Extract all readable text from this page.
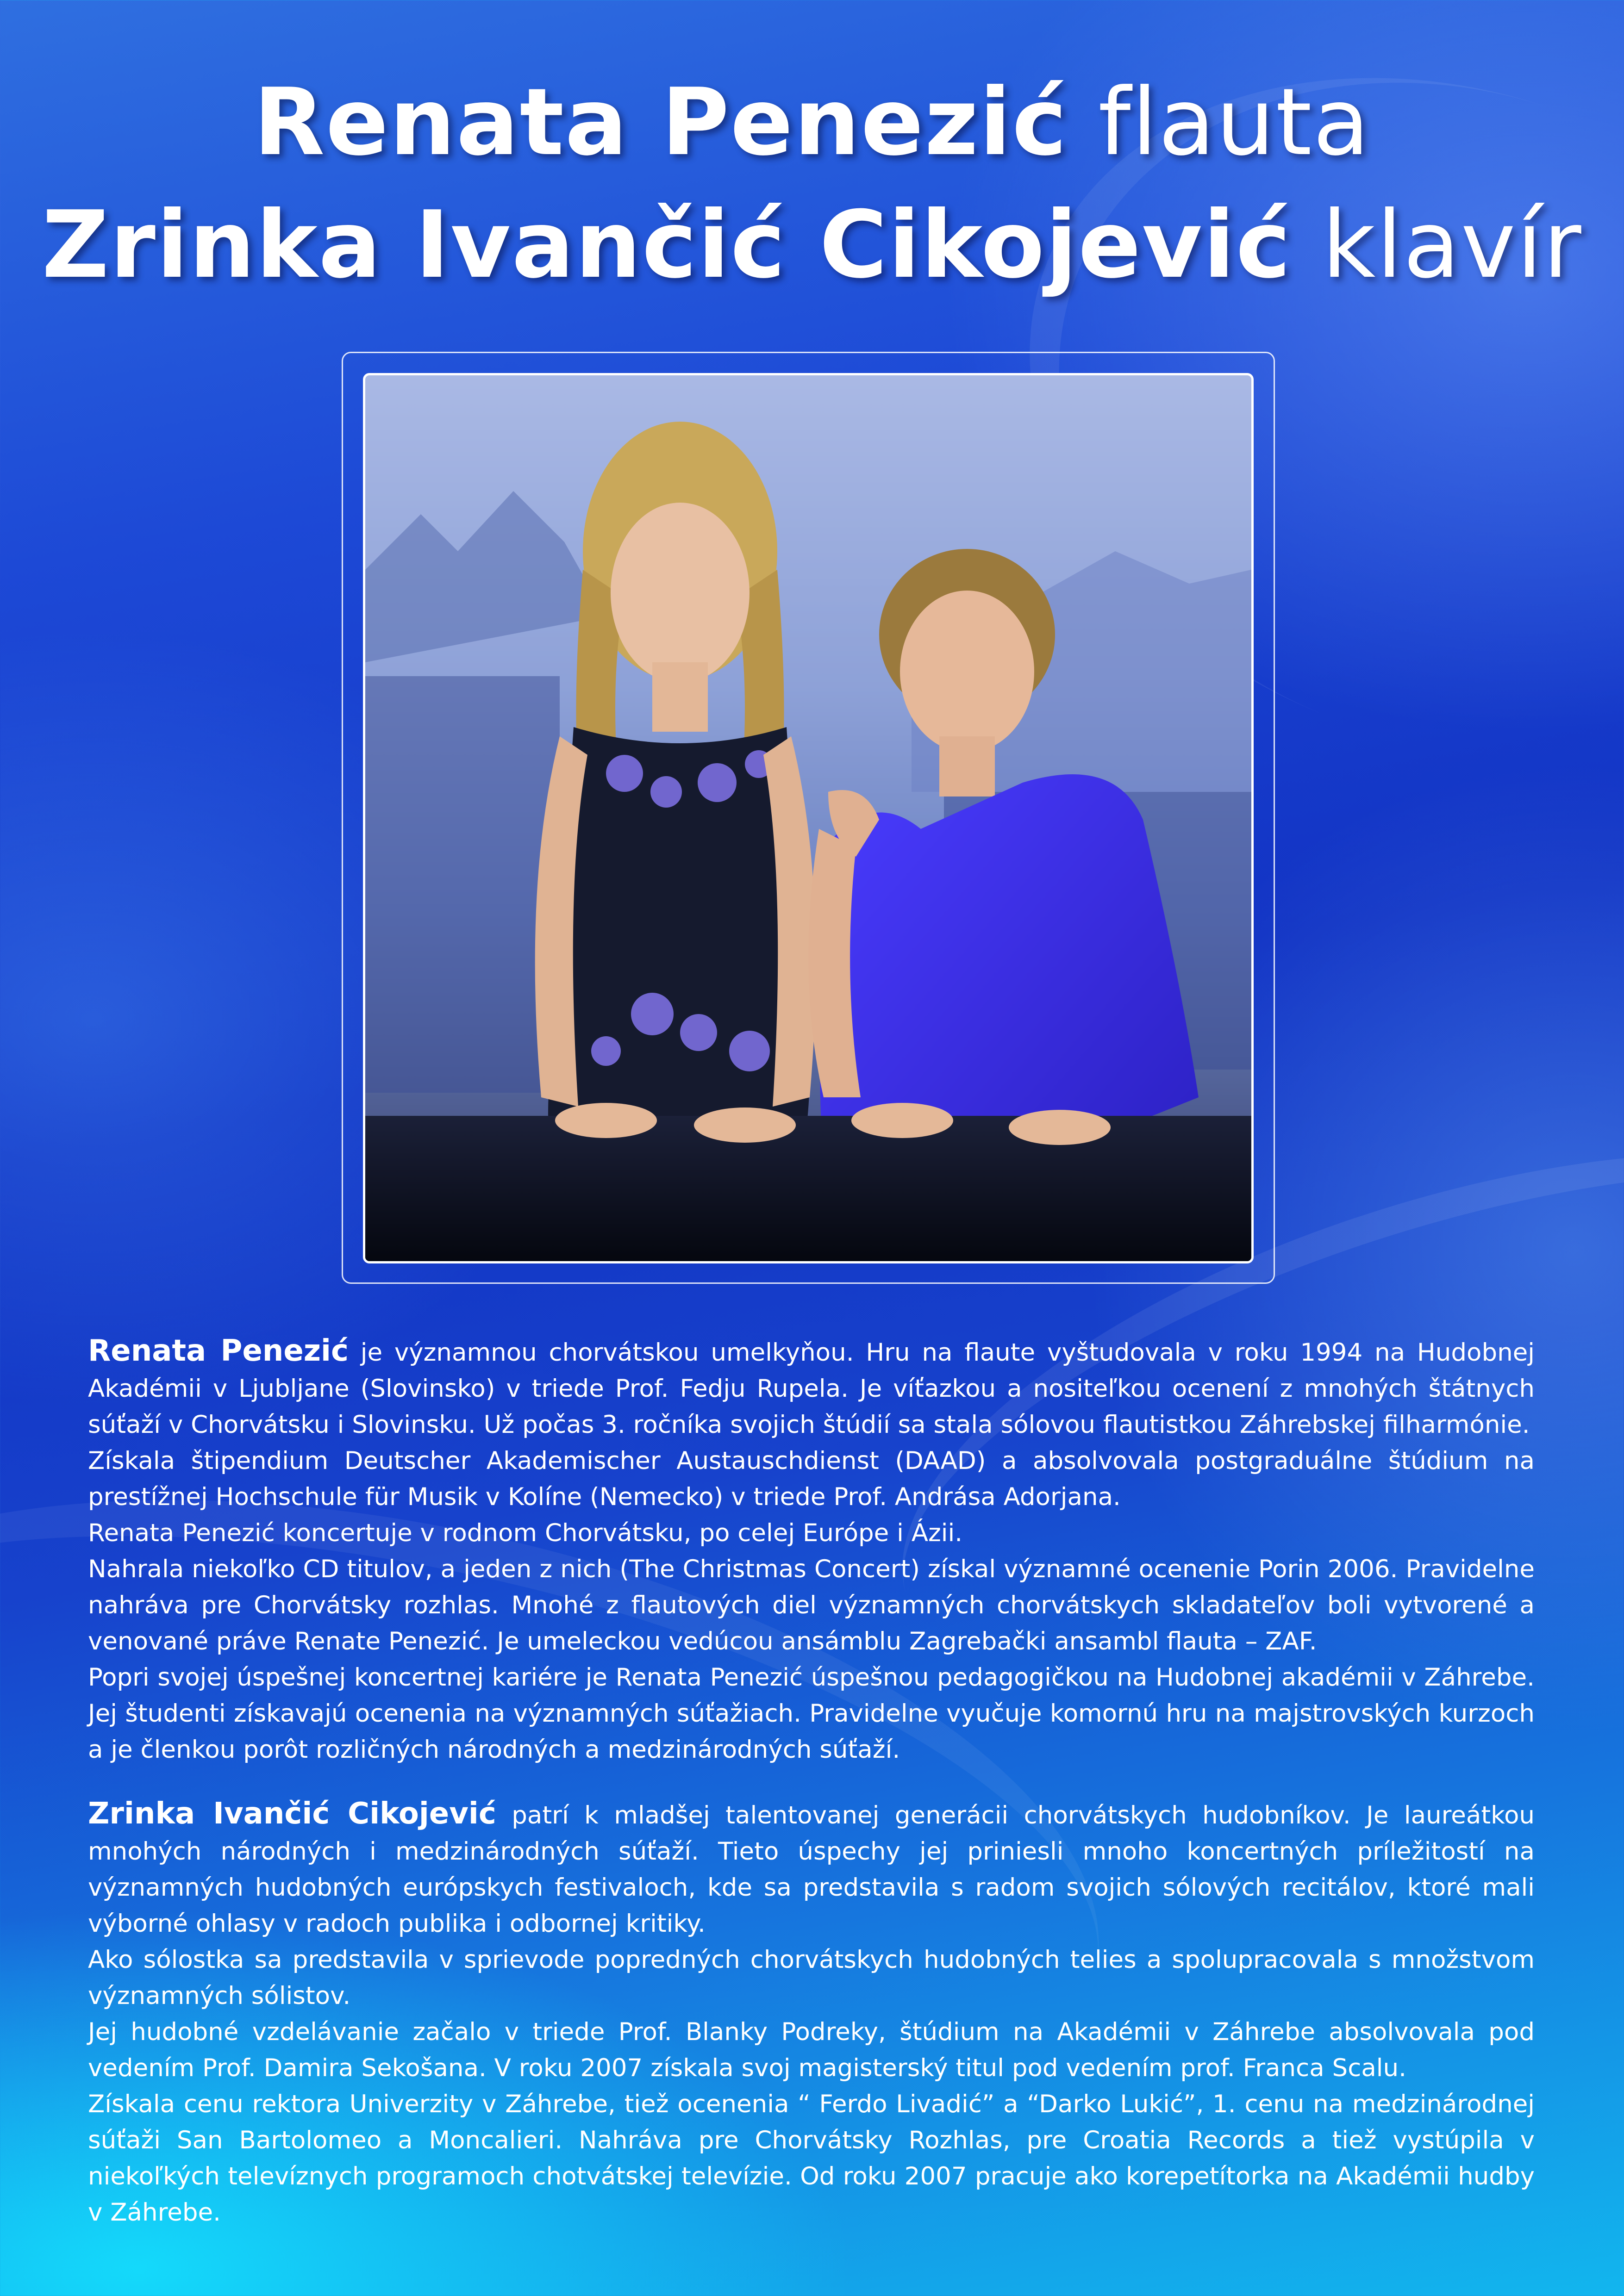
Renata Penezić flauta
Zrinka Ivančić Cikojević klavír

Renata Penezić je významnou chorvátskou umelkyňou. Hru na flaute vyštudovala v roku 1994 na Hudobnej Akadémii v Ljubljane (Slovinsko) v triede Prof. Fedju Rupela. Je víťazkou a nositeľkou ocenení z mnohých štátnych súťaží v Chorvátsku i Slovinsku. Už počas 3. ročníka svojich štúdií sa stala sólovou flautistkou Záhrebskej filharmónie.

Získala štipendium Deutscher Akademischer Austauschdienst (DAAD) a absolvovala postgraduálne štúdium na prestížnej Hochschule für Musik v Kolíne (Nemecko) v triede Prof. Andrása Adorjana.

Renata Penezić koncertuje v rodnom Chorvátsku, po celej Európe i Ázii.

Nahrala niekoľko CD titulov, a jeden z nich (The Christmas Concert) získal významné ocenenie Porin 2006. Pravidelne nahráva pre Chorvátsky rozhlas. Mnohé z flautových diel významných chorvátskych skladateľov boli vytvorené a venované práve Renate Penezić. Je umeleckou vedúcou ansámblu Zagrebački ansambl flauta – ZAF.

Popri svojej úspešnej koncertnej kariére je Renata Penezić úspešnou pedagogičkou na Hudobnej akadémii v Záhrebe. Jej študenti získavajú ocenenia na významných súťažiach. Pravidelne vyučuje komornú hru na majstrovských kurzoch a je členkou porôt rozličných národných a medzinárodných súťaží.

Zrinka Ivančić Cikojević patrí k mladšej talentovanej generácii chorvátskych hudobníkov. Je laureátkou mnohých národných i medzinárodných súťaží. Tieto úspechy jej priniesli mnoho koncertných príležitostí na významných hudobných európskych festivaloch, kde sa predstavila s radom svojich sólových recitálov, ktoré mali výborné ohlasy v radoch publika i odbornej kritiky.

Ako sólostka sa predstavila v sprievode popredných chorvátskych hudobných telies a spolupracovala s množstvom významných sólistov.

Jej hudobné vzdelávanie začalo v triede Prof. Blanky Podreky, štúdium na Akadémii v Záhrebe absolvovala pod vedením Prof. Damira Sekošana. V roku 2007 získala svoj magisterský titul pod vedením prof. Franca Scalu.

Získala cenu rektora Univerzity v Záhrebe, tiež ocenenia “ Ferdo Livadić” a “Darko Lukić”, 1. cenu na medzinárodnej súťaži San Bartolomeo a Moncalieri. Nahráva pre Chorvátsky Rozhlas, pre Croatia Records a tiež vystúpila v niekoľkých televíznych programoch chotvátskej televízie. Od roku 2007 pracuje ako korepetítorka na Akadémii hudby v Záhrebe.
